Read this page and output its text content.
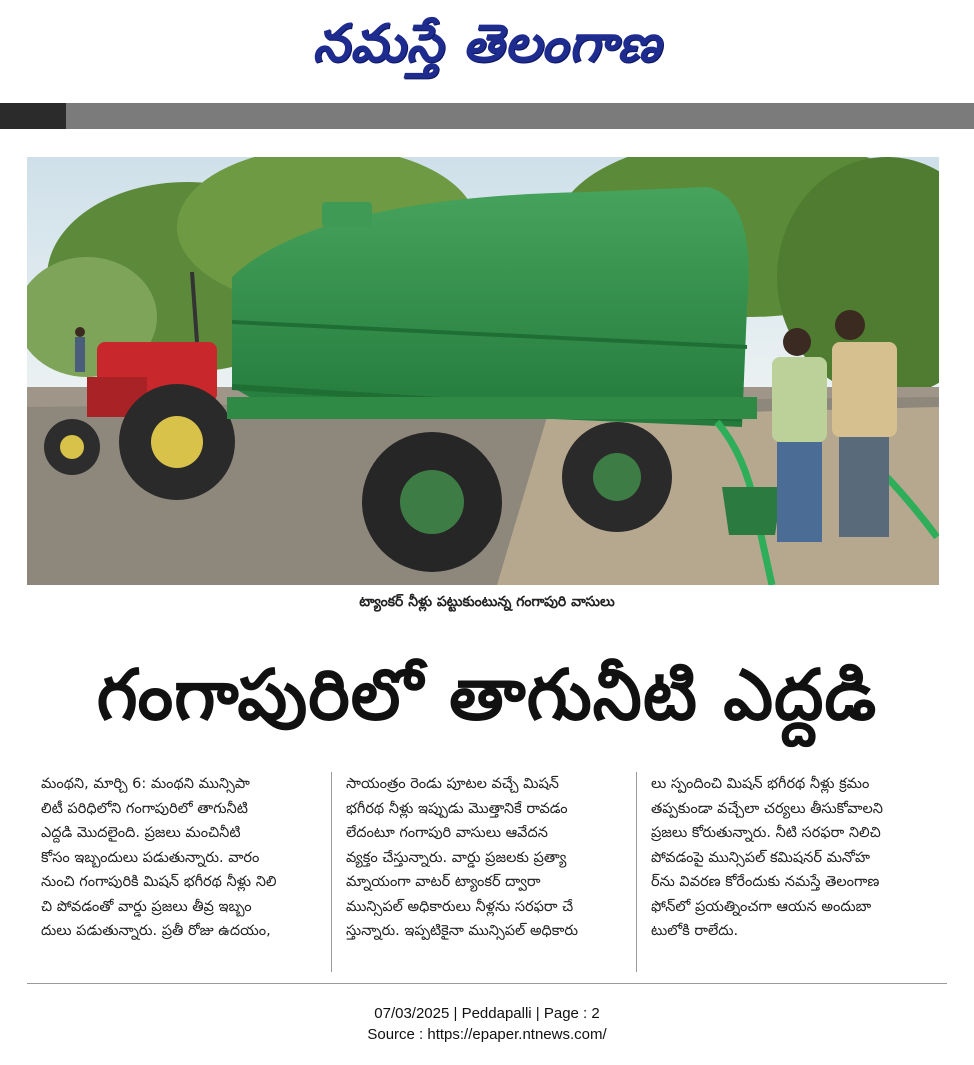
నమస్తే తెలంగాణ
ట్యాంకర్ నీళ్లు పట్టుకుంటున్న గంగాపురి వాసులు
గంగాపురిలో తాగునీటి ఎద్దడి
మంథని, మార్చి 6: మంథని మున్సిపా
లిటీ పరిధిలోని గంగాపురిలో తాగునీటి
ఎద్దడి మొదలైంది. ప్రజలు మంచినీటి
కోసం ఇబ్బందులు పడుతున్నారు. వారం
నుంచి గంగాపురికి మిషన్ భగీరథ నీళ్లు నిలి
చి పోవడంతో వార్డు ప్రజలు తీవ్ర ఇబ్బం
దులు పడుతున్నారు. ప్రతీ రోజు ఉదయం,
సాయంత్రం రెండు పూటల వచ్చే మిషన్
భగీరథ నీళ్లు ఇప్పుడు మొత్తానికే రావడం
లేదంటూ గంగాపురి వాసులు ఆవేదన
వ్యక్తం చేస్తున్నారు. వార్డు ప్రజలకు ప్రత్యా
మ్నాయంగా వాటర్ ట్యాంకర్ ద్వారా
మున్సిపల్ అధికారులు నీళ్లను సరఫరా చే
స్తున్నారు. ఇప్పటికైనా మున్సిపల్ అధికారు
లు స్పందించి మిషన్ భగీరథ నీళ్లు క్రమం
తప్పకుండా వచ్చేలా చర్యలు తీసుకోవాలని
ప్రజలు కోరుతున్నారు. నీటి సరఫరా నిలిచి
పోవడంపై మున్సిపల్ కమిషనర్ మనోహ
ర్‌ను వివరణ కోరేందుకు నమస్తే తెలంగాణ
ఫోన్‌లో ప్రయత్నించగా ఆయన అందుబా
టులోకి రాలేదు.
07/03/2025 | Peddapalli | Page : 2
Source : https://epaper.ntnews.com/
